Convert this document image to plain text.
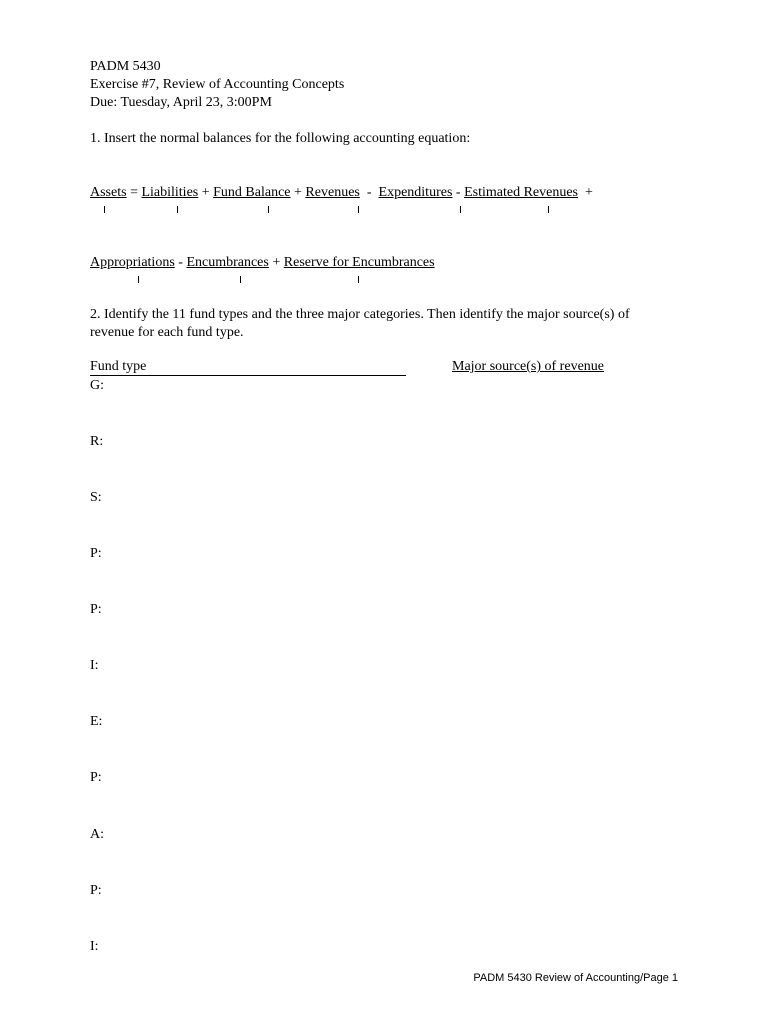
PADM 5430
Exercise #7, Review of Accounting Concepts
Due: Tuesday, April 23, 3:00PM
1. Insert the normal balances for the following accounting equation:
Assets = Liabilities + Fund Balance + Revenues  -  Expenditures - Estimated Revenues  +
Appropriations - Encumbrances + Reserve for Encumbrances
2. Identify the 11 fund types and the three major categories. Then identify the major source(s) of
revenue for each fund type.
Fund type	Major source(s) of revenue
G:
R:
S:
P:
P:
I:
E:
P:
A:
P:
I:
PADM 5430 Review of Accounting/Page 1
